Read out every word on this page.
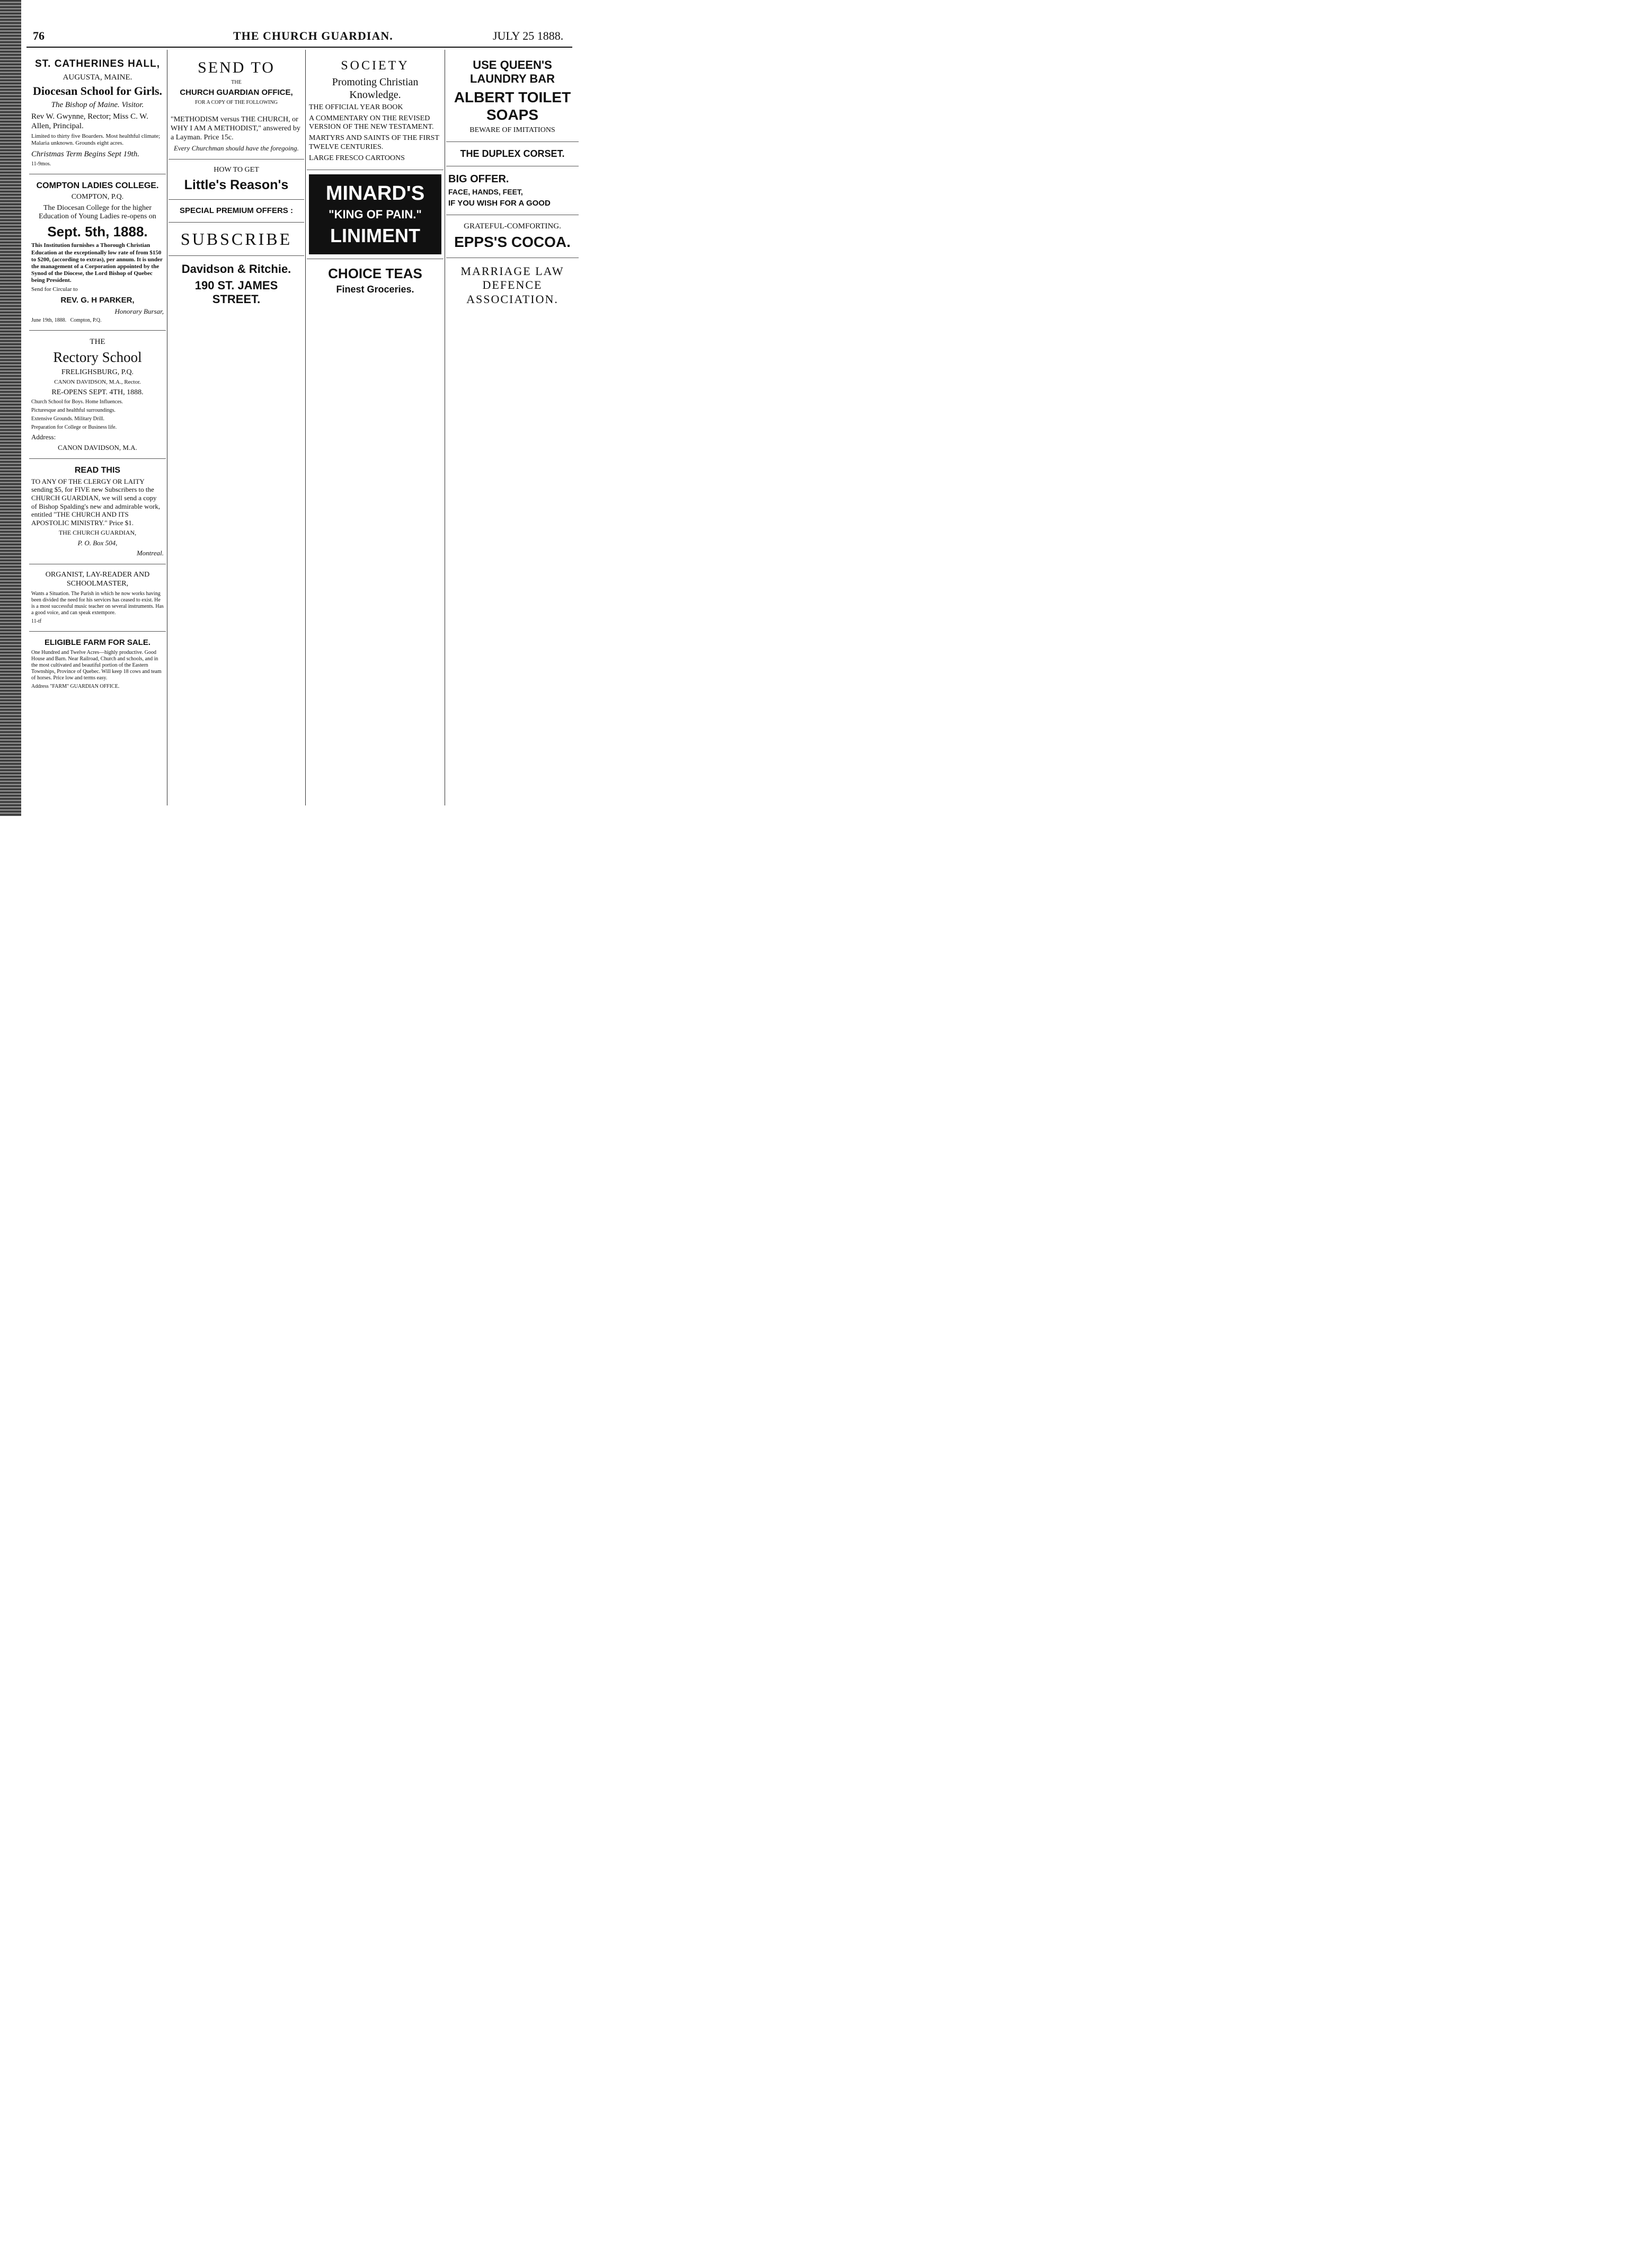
76	THE CHURCH GUARDIAN.	JULY 25 1888.

ST. CATHERINES HALL,

AUGUSTA, MAINE.

Diocesan School for Girls.

The Bishop of Maine. Visitor.

Rev W. Gwynne, Rector; Miss C. W. Allen, Principal.

Limited to thirty five Boarders. Most healthful climate; Malaria unknown. Grounds eight acres.

Christmas Term Begins Sept 19th.

11-9mos.

COMPTON LADIES COLLEGE.

COMPTON, P.Q.

The Diocesan College for the higher Education of Young Ladies re-opens on

Sept. 5th, 1888.

This Institution furnishes a Thorough Christian Education at the exceptionally low rate of from $150 to $200, (according to extras), per annum. It is under the management of a Corporation appointed by the Synod of the Diocese, the Lord Bishop of Quebec being President.

Send for Circular to

REV. G. H PARKER,

Honorary Bursar,

June 19th, 1888. Compton, P.Q.

THE

Rectory School

FRELIGHSBURG, P.Q.

CANON DAVIDSON, M.A., Rector.

RE-OPENS SEPT. 4TH, 1888.

Church School for Boys. Home Influences.

Picturesque and healthful surroundings.

Extensive Grounds. Military Drill.

Preparation for College or Business life.

Address:

CANON DAVIDSON, M.A.

READ THIS

TO ANY OF THE CLERGY OR LAITY sending $5, for FIVE new Subscribers to the CHURCH GUARDIAN, we will send a copy of Bishop Spalding's new and admirable work, entitled "THE CHURCH AND ITS APOSTOLIC MINISTRY." Price $1.

THE CHURCH GUARDIAN,

P. O. Box 504,

Montreal.

ORGANIST, LAY-READER AND SCHOOLMASTER,

Wants a Situation. The Parish in which he now works having been divided the need for his services has ceased to exist. He is a most successful music teacher on several instruments. Has a good voice, and can speak extempore.

11-tf

ELIGIBLE FARM FOR SALE.

One Hundred and Twelve Acres—highly productive. Good House and Barn. Near Railroad, Church and schools, and in the most cultivated and beautiful portion of the Eastern Townships, Province of Quebec. Will keep 18 cows and team of horses. Price low and terms easy.

Address "FARM" GUARDIAN OFFICE.

SEND TO

THE

CHURCH GUARDIAN OFFICE,

FOR A COPY OF THE FOLLOWING

"METHODISM versus THE CHURCH, or WHY I AM A METHODIST," answered by a Layman. Price 15c.

Every Churchman should have the foregoing.

HOW TO GET

Little's Reason's

SPECIAL PREMIUM OFFERS :

SUBSCRIBE

Davidson & Ritchie.

190 ST. JAMES STREET.

SOCIETY

Promoting Christian Knowledge.

THE OFFICIAL YEAR BOOK

A COMMENTARY ON THE REVISED VERSION OF THE NEW TESTAMENT.

MARTYRS AND SAINTS OF THE FIRST TWELVE CENTURIES.

LARGE FRESCO CARTOONS

MINARD'S

"KING OF PAIN."

LINIMENT

CHOICE TEAS

Finest Groceries.

USE QUEEN'S LAUNDRY BAR

ALBERT TOILET SOAPS

BEWARE OF IMITATIONS

THE DUPLEX CORSET.

BIG OFFER.

FACE, HANDS, FEET,

IF YOU WISH FOR A GOOD

GRATEFUL-COMFORTING.

EPPS'S COCOA.

MARRIAGE LAW DEFENCE ASSOCIATION.
